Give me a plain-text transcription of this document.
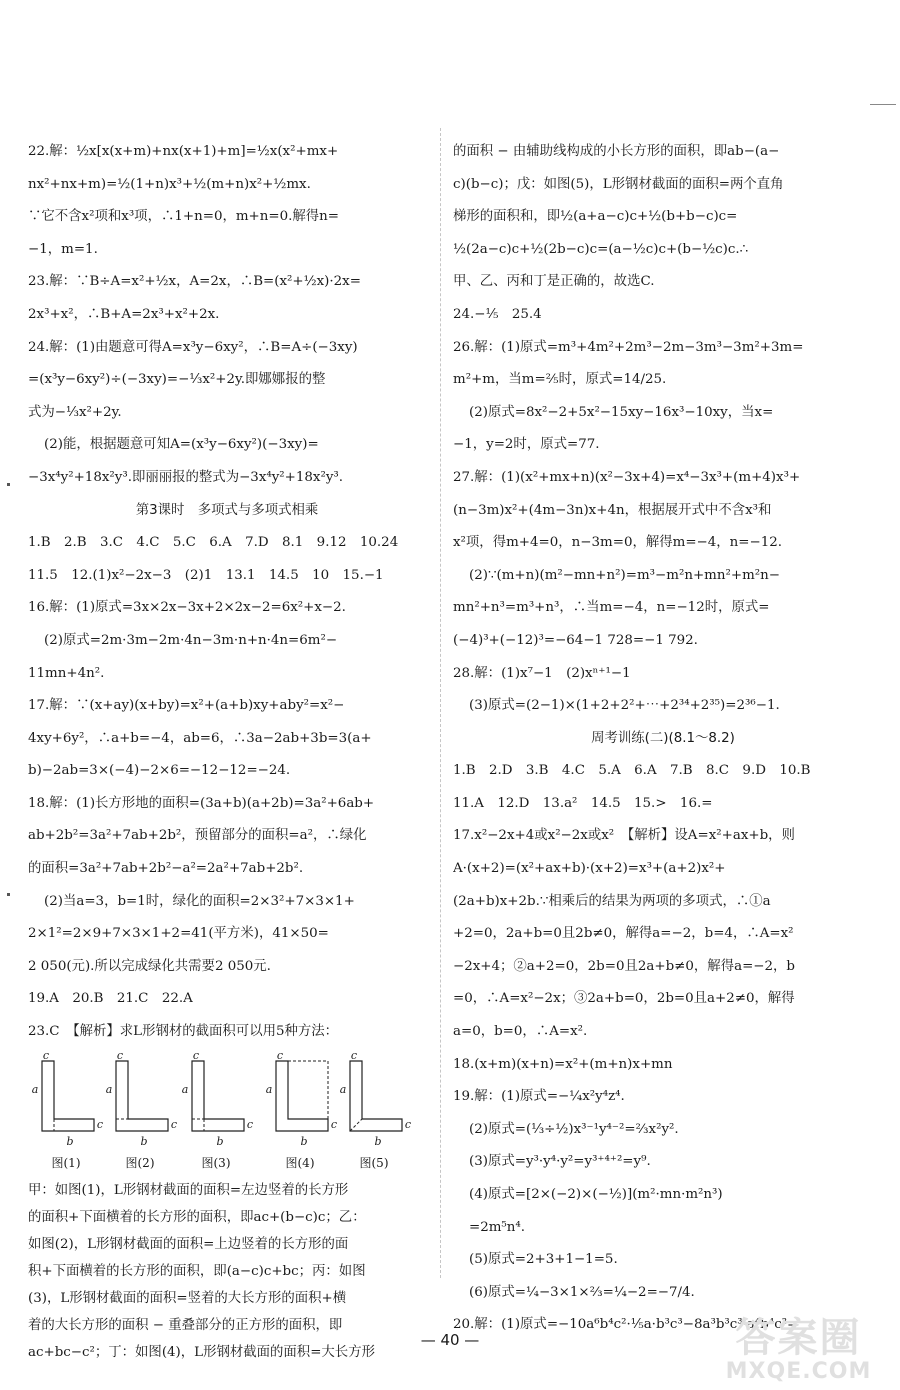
22.解：½x[x(x+m)+nx(x+1)+m]=½x(x²+mx+
nx²+nx+m)=½(1+n)x³+½(m+n)x²+½mx.
∵它不含x²项和x³项，∴1+n=0，m+n=0.解得n=
−1，m=1.
23.解：∵B÷A=x²+½x，A=2x，∴B=(x²+½x)·2x=
2x³+x²，∴B+A=2x³+x²+2x.
24.解：(1)由题意可得A=x³y−6xy²，∴B=A÷(−3xy)
=(x³y−6xy²)÷(−3xy)=−⅓x²+2y.即娜娜报的整
式为−⅓x²+2y.
(2)能，根据题意可知A=(x³y−6xy²)(−3xy)=
−3x⁴y²+18x²y³.即丽丽报的整式为−3x⁴y²+18x²y³.
第3课时　多项式与多项式相乘
1.B　2.B　3.C　4.C　5.C　6.A　7.D　8.1　9.12　10.24
11.5　12.(1)x²−2x−3　(2)1　13.1　14.5　10　15.−1
16.解：(1)原式=3x×2x−3x+2×2x−2=6x²+x−2.
(2)原式=2m·3m−2m·4n−3m·n+n·4n=6m²−
11mn+4n².
17.解：∵(x+ay)(x+by)=x²+(a+b)xy+aby²=x²−
4xy+6y²，∴a+b=−4，ab=6，∴3a−2ab+3b=3(a+
b)−2ab=3×(−4)−2×6=−12−12=−24.
18.解：(1)长方形地的面积=(3a+b)(a+2b)=3a²+6ab+
ab+2b²=3a²+7ab+2b²，预留部分的面积=a²，∴绿化
的面积=3a²+7ab+2b²−a²=2a²+7ab+2b².
(2)当a=3，b=1时，绿化的面积=2×3²+7×3×1+
2×1²=2×9+7×3×1+2=41(平方米)，41×50=
2 050(元).所以完成绿化共需要2 050元.
19.A　20.B　21.C　22.A
23.C　【解析】求L形钢材的截面积可以用5种方法：
a
c
c
b
图(1)
a
c
c
b
图(2)
a
c
c
b
图(3)
a
c
c
b
图(4)
a
c
c
b
图(5)
甲：如图(1)，L形钢材截面的面积=左边竖着的长方形
的面积+下面横着的长方形的面积，即ac+(b−c)c；乙：
如图(2)，L形钢材截面的面积=上边竖着的长方形的面
积+下面横着的长方形的面积，即(a−c)c+bc；丙：如图
(3)，L形钢材截面的面积=竖着的大长方形的面积+横
着的大长方形的面积 − 重叠部分的正方形的面积，即
ac+bc−c²；丁：如图(4)，L形钢材截面的面积=大长方形
的面积 − 由辅助线构成的小长方形的面积，即ab−(a−
c)(b−c)；戊：如图(5)，L形钢材截面的面积=两个直角
梯形的面积和，即½(a+a−c)c+½(b+b−c)c=
½(2a−c)c+½(2b−c)c=(a−½c)c+(b−½c)c.∴
甲、乙、丙和丁是正确的，故选C.
24.−⅕　25.4
26.解：(1)原式=m³+4m²+2m³−2m−3m³−3m²+3m=
m²+m，当m=⅖时，原式=14/25.
(2)原式=8x²−2+5x²−15xy−16x³−10xy，当x=
−1，y=2时，原式=77.
27.解：(1)(x²+mx+n)(x²−3x+4)=x⁴−3x³+(m+4)x³+
(n−3m)x²+(4m−3n)x+4n，根据展开式中不含x³和
x²项，得m+4=0，n−3m=0，解得m=−4，n=−12.
(2)∵(m+n)(m²−mn+n²)=m³−m²n+mn²+m²n−
mn²+n³=m³+n³，∴当m=−4，n=−12时，原式=
(−4)³+(−12)³=−64−1 728=−1 792.
28.解：(1)x⁷−1　(2)xⁿ⁺¹−1
(3)原式=(2−1)×(1+2+2²+⋯+2³⁴+2³⁵)=2³⁶−1.
周考训练(二)(8.1～8.2)
1.B　2.D　3.B　4.C　5.A　6.A　7.B　8.C　9.D　10.B
11.A　12.D　13.a²　14.5　15.>　16.=
17.x²−2x+4或x²−2x或x²　【解析】设A=x²+ax+b，则
A·(x+2)=(x²+ax+b)·(x+2)=x³+(a+2)x²+
(2a+b)x+2b.∵相乘后的结果为两项的多项式，∴①a
+2=0，2a+b=0且2b≠0，解得a=−2，b=4，∴A=x²
−2x+4；②a+2=0，2b=0且2a+b≠0，解得a=−2，b
=0，∴A=x²−2x；③2a+b=0，2b=0且a+2≠0，解得
a=0，b=0，∴A=x².
18.(x+m)(x+n)=x²+(m+n)x+mn
19.解：(1)原式=−¼x²y⁴z⁴.
(2)原式=(⅓÷½)x³⁻¹y⁴⁻²=⅔x²y².
(3)原式=y³·y⁴·y²=y³⁺⁴⁺²=y⁹.
(4)原式=[2×(−2)×(−½)](m²·mn·m²n³)
=2m⁵n⁴.
(5)原式=2+3+1−1=5.
(6)原式=¼−3×1×⅔=¼−2=−7/4.
20.解：(1)原式=−10a⁶b⁴c²·⅕a·b³c³−8a³b³c³·a⁴b⁴c²=
— 40 —	答案圈
MXQE.COM
